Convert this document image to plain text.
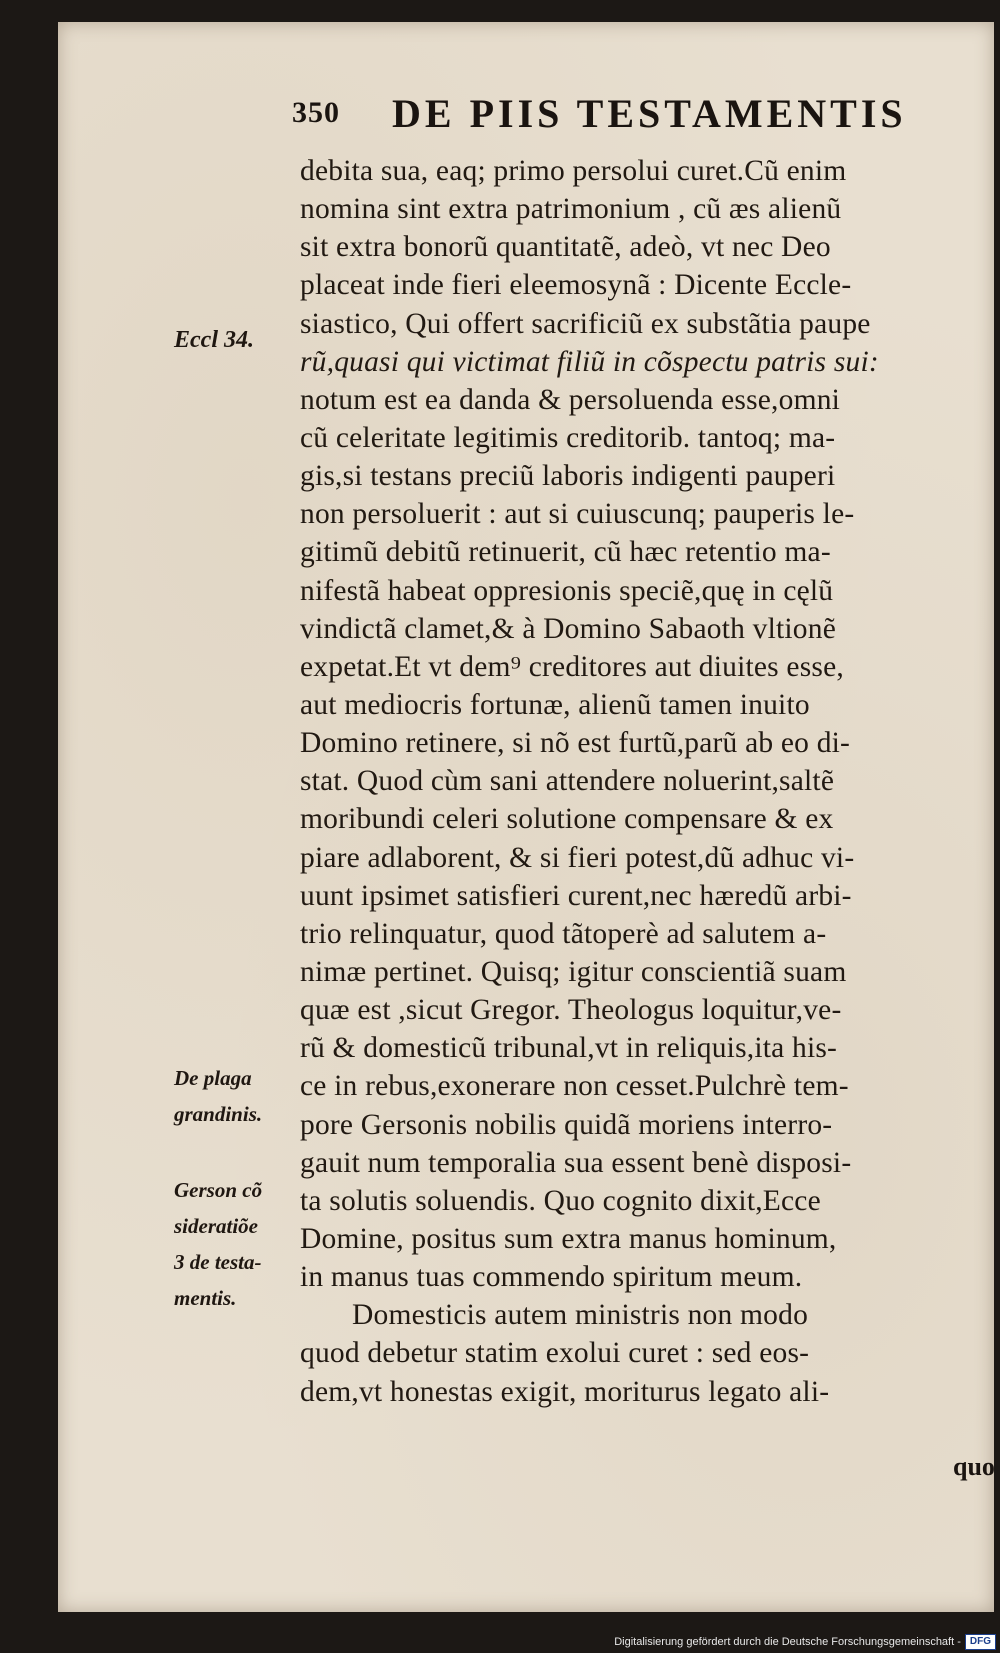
350 DE PIIS TESTAMENTIS
Eccl 34.
De plaga
grandinis.
Gerson cõ
sideratiõe
3 de testa-
mentis.
debita sua, eaq; primo persolui curet.Cũ enim
nomina sint extra patrimonium , cũ æs alienũ
sit extra bonorũ quantitatẽ, adeò, vt nec Deo
placeat inde fieri eleemosynã : Dicente Eccle-
siastico, Qui offert sacrificiũ ex substãtia paupe
rũ,quasi qui victimat filiũ in cõspectu patris sui:
notum est ea danda & persoluenda esse,omni
cũ celeritate legitimis creditorib. tantoq; ma-
gis,si testans preciũ laboris indigenti pauperi
non persoluerit : aut si cuiuscunq; pauperis le-
gitimũ debitũ retinuerit, cũ hæc retentio ma-
nifestã habeat oppresionis speciẽ,quę in cęlũ
vindictã clamet,& à Domino Sabaoth vltionẽ
expetat.Et vt dem⁹ creditores aut diuites esse,
aut mediocris fortunæ, alienũ tamen inuito
Domino retinere, si nõ est furtũ,parũ ab eo di-
stat. Quod cùm sani attendere noluerint,saltẽ
moribundi celeri solutione compensare & ex
piare adlaborent, & si fieri potest,dũ adhuc vi-
uunt ipsimet satisfieri curent,nec hæredũ arbi-
trio relinquatur, quod tãtoperè ad salutem a-
nimæ pertinet. Quisq; igitur conscientiã suam
quæ est ,sicut Gregor. Theologus loquitur,ve-
rũ & domesticũ tribunal,vt in reliquis,ita his-
ce in rebus,exonerare non cesset.Pulchrè tem-
pore Gersonis nobilis quidã moriens interro-
gauit num temporalia sua essent benè disposi-
ta solutis soluendis. Quo cognito dixit,Ecce
Domine, positus sum extra manus hominum,
in manus tuas commendo spiritum meum.
Domesticis autem ministris non modo
quod debetur statim exolui curet : sed eos-
dem,vt honestas exigit, moriturus legato ali-
quo
Digitalisierung gefördert durch die Deutsche Forschungsgemeinschaft - DFG
